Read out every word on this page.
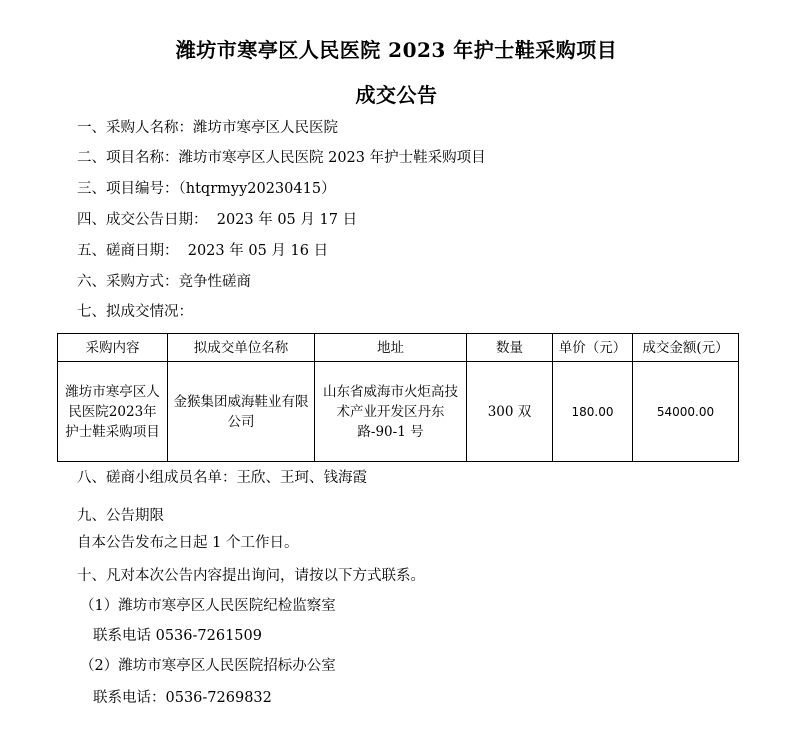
潍坊市寒亭区人民医院 2023 年护士鞋采购项目
成交公告
一、采购人名称：潍坊市寒亭区人民医院
二、项目名称：潍坊市寒亭区人民医院 2023 年护士鞋采购项目
三、项目编号：（htqrmyy20230415）
四、成交公告日期：  2023 年 05 月 17 日
五、磋商日期：  2023 年 05 月 16 日
六、采购方式：竞争性磋商
七、拟成交情况：
采购内容	拟成交单位名称	地址	数量	单价（元）	成交金额(元）
潍坊市寒亭区人民医院2023年护士鞋采购项目	金猴集团威海鞋业有限公司	山东省威海市火炬高技术产业开发区丹东路-90-1 号	300 双	180.00	54000.00
八、磋商小组成员名单：王欣、王珂、钱海霞
九、公告期限
自本公告发布之日起 1 个工作日。
十、凡对本次公告内容提出询问，请按以下方式联系。
（1）潍坊市寒亭区人民医院纪检监察室
联系电话 0536-7261509
（2）潍坊市寒亭区人民医院招标办公室
联系电话：0536-7269832
